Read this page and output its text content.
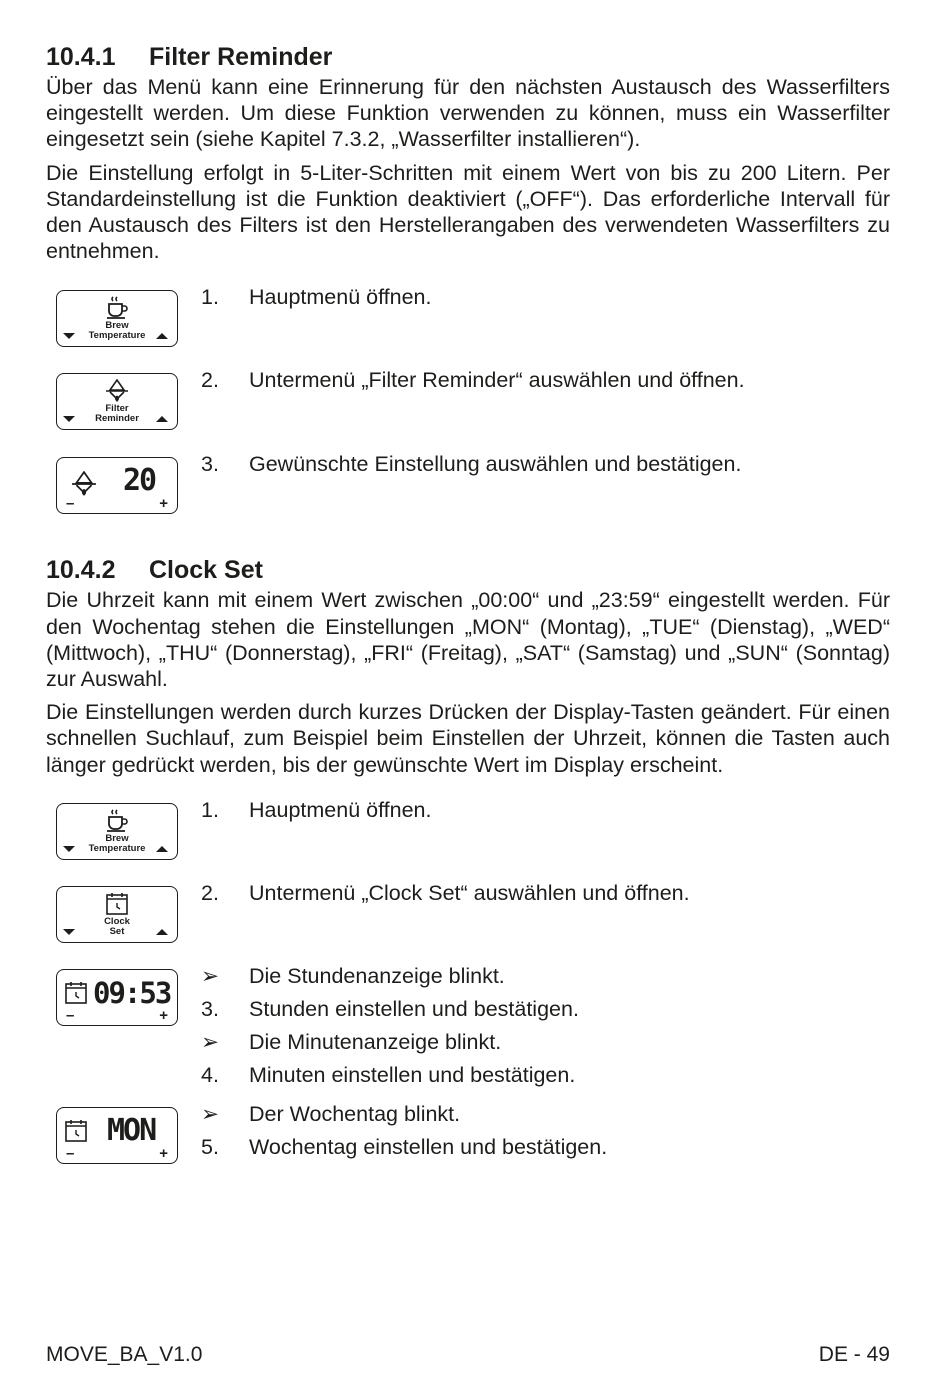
10.4.1	Filter Reminder

Über das Menü kann eine Erinnerung für den nächsten Austausch des Wasserfilters eingestellt werden. Um diese Funktion verwenden zu können, muss ein Wasserfilter eingesetzt sein (siehe Kapitel 7.3.2, „Wasserfilter installieren“).

Die Einstellung erfolgt in 5-Liter-Schritten mit einem Wert von bis zu 200 Litern. Per Standardeinstellung ist die Funktion deaktiviert („OFF“). Das erforderliche Intervall für den Austausch des Filters ist den Herstellerangaben des verwendeten Wasserfilters zu entnehmen.

Brew
Temperature
1.	Hauptmenü öffnen.
Filter
Reminder
2.	Untermenü „Filter Reminder“ auswählen und öffnen.
20
–	+
3.	Gewünschte Einstellung auswählen und bestätigen.
10.4.2	Clock Set

Die Uhrzeit kann mit einem Wert zwischen „00:00“ und „23:59“ eingestellt werden. Für den Wochentag stehen die Einstellungen „MON“ (Montag), „TUE“ (Dienstag), „WED“ (Mittwoch), „THU“ (Donnerstag), „FRI“ (Freitag), „SAT“ (Samstag) und „SUN“ (Sonntag) zur Auswahl.

Die Einstellungen werden durch kurzes Drücken der Display-Tasten geändert. Für einen schnellen Suchlauf, zum Beispiel beim Einstellen der Uhrzeit, können die Tasten auch länger gedrückt werden, bis der gewünschte Wert im Display erscheint.

Brew
Temperature
1.	Hauptmenü öffnen.
Clock
Set
2.	Untermenü „Clock Set“ auswählen und öffnen.
09:53
–	+
➢	Die Stundenanzeige blinkt.
3.	Stunden einstellen und bestätigen.
➢	Die Minutenanzeige blinkt.
4.	Minuten einstellen und bestätigen.
MON
–	+
➢	Der Wochentag blinkt.
5.	Wochentag einstellen und bestätigen.
MOVE_BA_V1.0	DE - 49
